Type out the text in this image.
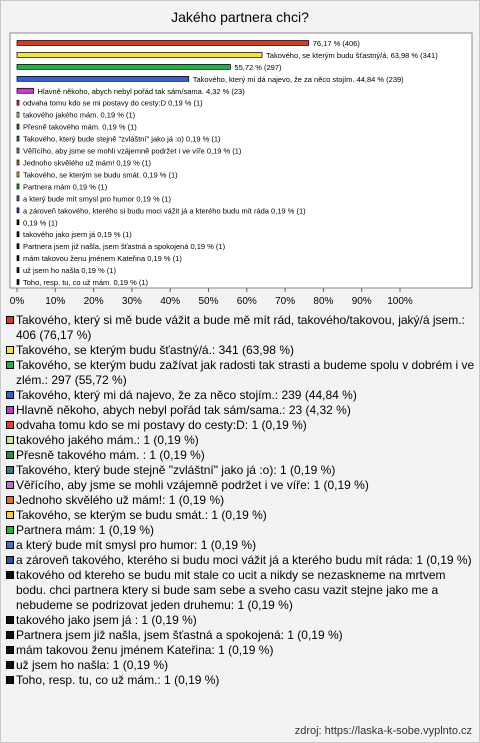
Jakého partnera chci?
0% 10% 20% 30% 40% 50% 60% 70% 80% 90% 100%
76,17 % (406)
Takového, se kterým budu šťastný/á. 63,98 % (341)
55,72 % (297)
Takového, který mi dá najevo, že za něco stojím. 44,84 % (239)
Hlavně někoho, abych nebyl pořád tak sám/sama. 4,32 % (23)
odvaha tomu kdo se mi postavy do cesty:D 0,19 % (1)
takového jakého mám. 0,19 % (1)
Přesně takového mám. 0,19 % (1)
Takového, který bude stejně "zvláštní" jako já :o) 0,19 % (1)
Věřícího, aby jsme se mohli vzájemně podržet i ve víře 0,19 % (1)
Jednoho skvělého už mám! 0,19 % (1)
Takového, se kterým se budu smát. 0,19 % (1)
Partnera mám 0,19 % (1)
a který bude mít smysl pro humor 0,19 % (1)
a zároveň takového, kterého si budu moci vážit já a kterého budu mít ráda 0,19 % (1)
0,19 % (1)
takového jako jsem já 0,19 % (1)
Partnera jsem již našla, jsem šťastná a spokojená 0,19 % (1)
mám takovou ženu jménem Kateřina 0,19 % (1)
už jsem ho našla 0,19 % (1)
Toho, resp. tu, co už mám. 0,19 % (1)
Takového, který si mě bude vážit a bude mě mít rád, takového/takovou, jaký/á jsem.: 406 (76,17 %)
Takového, se kterým budu šťastný/á.: 341 (63,98 %)
Takového, se kterým budu zažívat jak radosti tak strasti a budeme spolu v dobrém i ve zlém.: 297 (55,72 %)
Takového, který mi dá najevo, že za něco stojím.: 239 (44,84 %)
Hlavně někoho, abych nebyl pořád tak sám/sama.: 23 (4,32 %)
odvaha tomu kdo se mi postavy do cesty:D: 1 (0,19 %)
takového jakého mám.: 1 (0,19 %)
Přesně takového mám. : 1 (0,19 %)
Takového, který bude stejně "zvláštní" jako já :o): 1 (0,19 %)
Věřícího, aby jsme se mohli vzájemně podržet i ve víře: 1 (0,19 %)
Jednoho skvělého už mám!: 1 (0,19 %)
Takového, se kterým se budu smát.: 1 (0,19 %)
Partnera mám: 1 (0,19 %)
a který bude mít smysl pro humor: 1 (0,19 %)
a zároveň takového, kterého si budu moci vážit já a kterého budu mít ráda: 1 (0,19 %)
takového od ktereho se budu mit stale co ucit a nikdy se nezaskneme na mrtvem bodu. chci partnera ktery si bude sam sebe a sveho casu vazit stejne jako me a nebudeme se podrizovat jeden druhemu: 1 (0,19 %)
takového jako jsem já : 1 (0,19 %)
Partnera jsem již našla, jsem šťastná a spokojená: 1 (0,19 %)
mám takovou ženu jménem Kateřina: 1 (0,19 %)
už jsem ho našla: 1 (0,19 %)
Toho, resp. tu, co už mám.: 1 (0,19 %)
zdroj: https://laska-k-sobe.vyplnto.cz
